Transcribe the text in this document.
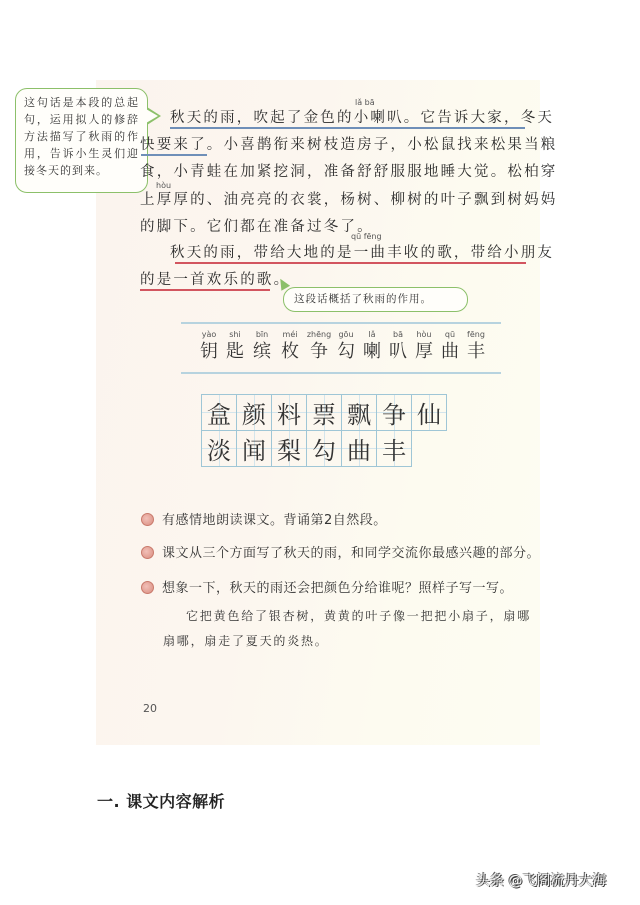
这句话是本段的总起句，运用拟人的修辞方法描写了秋雨的作用，告诉小生灵们迎接冬天的到来。
lǎ bā
秋天的雨，吹起了金色的小喇叭。它告诉大家，冬天
快要来了。小喜鹊衔来树枝造房子，小松鼠找来松果当粮
食，小青蛙在加紧挖洞，准备舒舒服服地睡大觉。松柏穿
hòu
上厚厚的、油亮亮的衣裳，杨树、柳树的叶子飘到树妈妈
的脚下。它们都在准备过冬了。
qū fēng
秋天的雨，带给大地的是一曲丰收的歌，带给小朋友
的是一首欢乐的歌。
这段话概括了秋雨的作用。
yào
钥
shi
匙
bīn
缤
méi
枚
zhēng
争
gōu
勾
lǎ
喇
bā
叭
hòu
厚
qū
曲
fēng
丰
盒	颜	料	票	飘	争	仙
淡	闻	梨	勾	曲	丰	
有感情地朗读课文。背诵第2自然段。
课文从三个方面写了秋天的雨，和同学交流你最感兴趣的部分。
想象一下，秋天的雨还会把颜色分给谁呢？照样子写一写。
它把黄色给了银杏树，黄黄的叶子像一把把小扇子，扇哪
扇哪，扇走了夏天的炎热。
20
一. 课文内容解析
头条 @飞阁流丹大海
